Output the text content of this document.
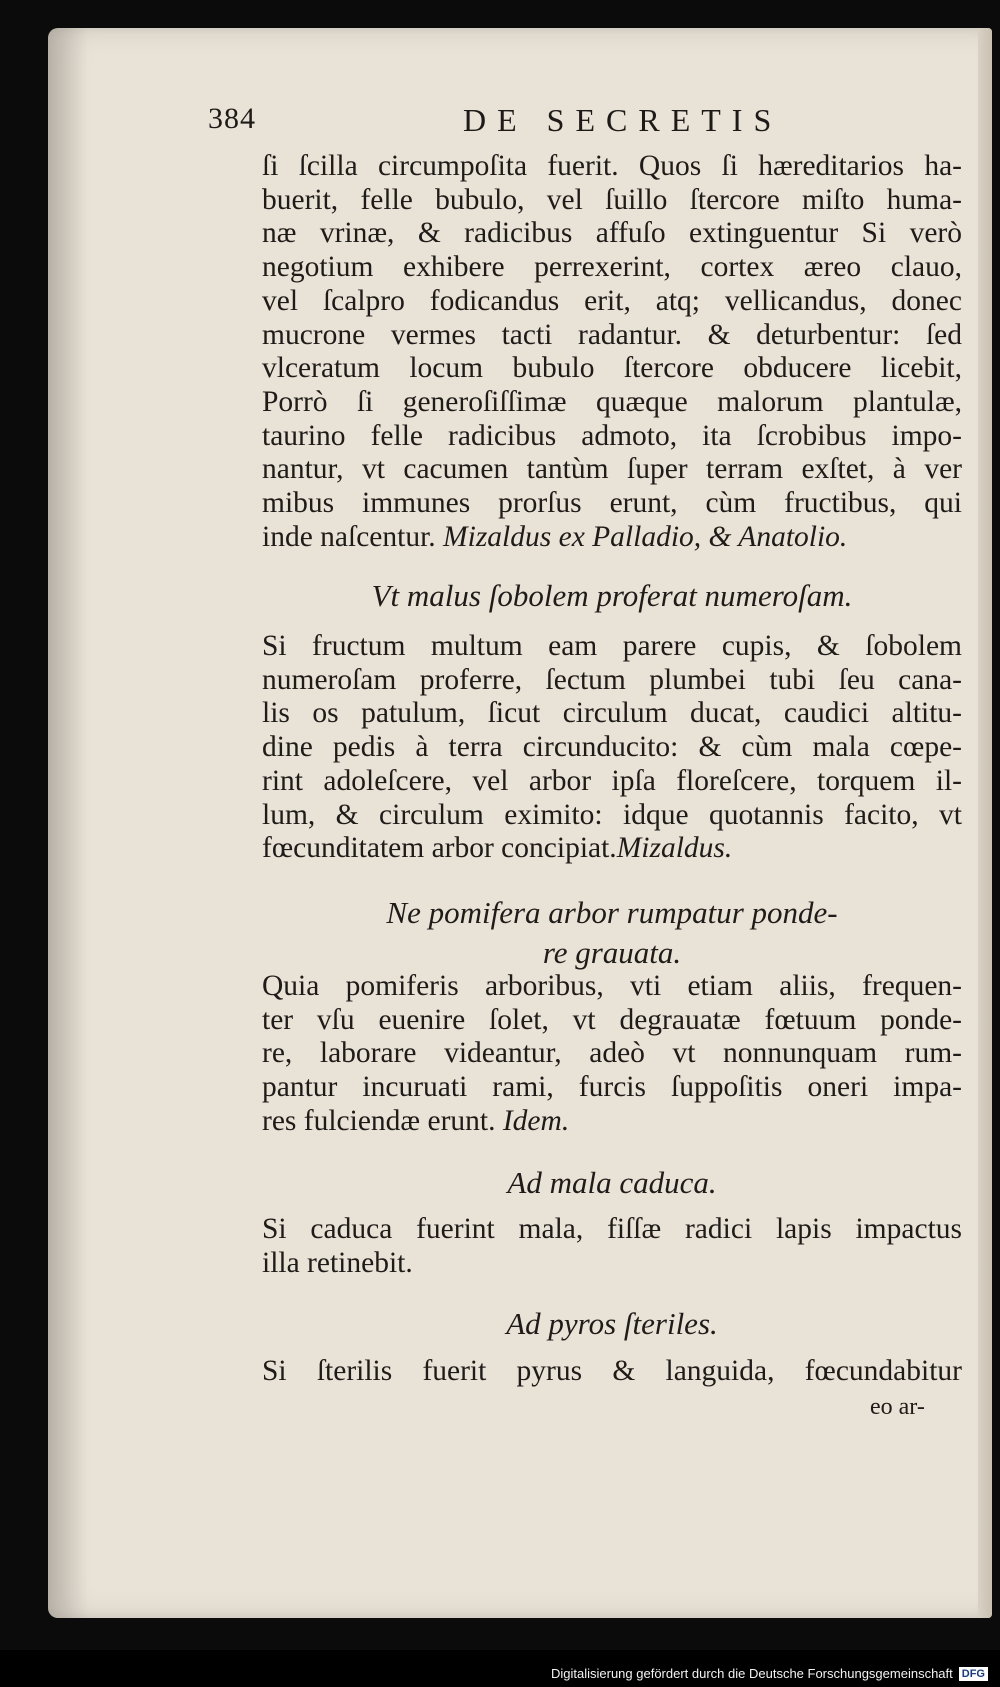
384	DE SECRETIS
ſi ſcilla circumpoſita fuerit. Quos ſi hæreditarios ha-
buerit, felle bubulo, vel ſuillo ſtercore miſto huma-
næ vrinæ, & radicibus affuſo extinguentur Si verò
negotium exhibere perrexerint, cortex æreo clauo,
vel ſcalpro fodicandus erit, atq; vellicandus, donec
mucrone vermes tacti radantur. & deturbentur: ſed
vlceratum locum bubulo ſtercore obducere licebit,
Porrò ſi generoſiſſimæ quæque malorum plantulæ,
taurino felle radicibus admoto, ita ſcrobibus impo-
nantur, vt cacumen tantùm ſuper terram exſtet, à ver
mibus immunes prorſus erunt, cùm fructibus, qui
inde naſcentur. Mizaldus ex Palladio, & Anatolio.
Vt malus ſobolem proferat numeroſam.
Si fructum multum eam parere cupis, & ſobolem
numeroſam proferre, ſectum plumbei tubi ſeu cana-
lis os patulum, ſicut circulum ducat, caudici altitu-
dine pedis à terra circunducito: & cùm mala cœpe-
rint adoleſcere, vel arbor ipſa floreſcere, torquem il-
lum, & circulum eximito: idque quotannis facito, vt
fœcunditatem arbor concipiat.Mizaldus.
Ne pomifera arbor rumpatur ponde-
re grauata.
Quia pomiferis arboribus, vti etiam aliis, frequen-
ter vſu euenire ſolet, vt degrauatæ fœtuum ponde-
re, laborare videantur, adeò vt nonnunquam rum-
pantur incuruati rami, furcis ſuppoſitis oneri impa-
res fulciendæ erunt. Idem.
Ad mala caduca.
Si caduca fuerint mala, fiſſæ radici lapis impactus
illa retinebit.
Ad pyros ſteriles.
Si ſterilis fuerit pyrus & languida, fœcundabitur
eo ar-
Digitalisierung gefördert durch die Deutsche Forschungsgemeinschaft DFG
